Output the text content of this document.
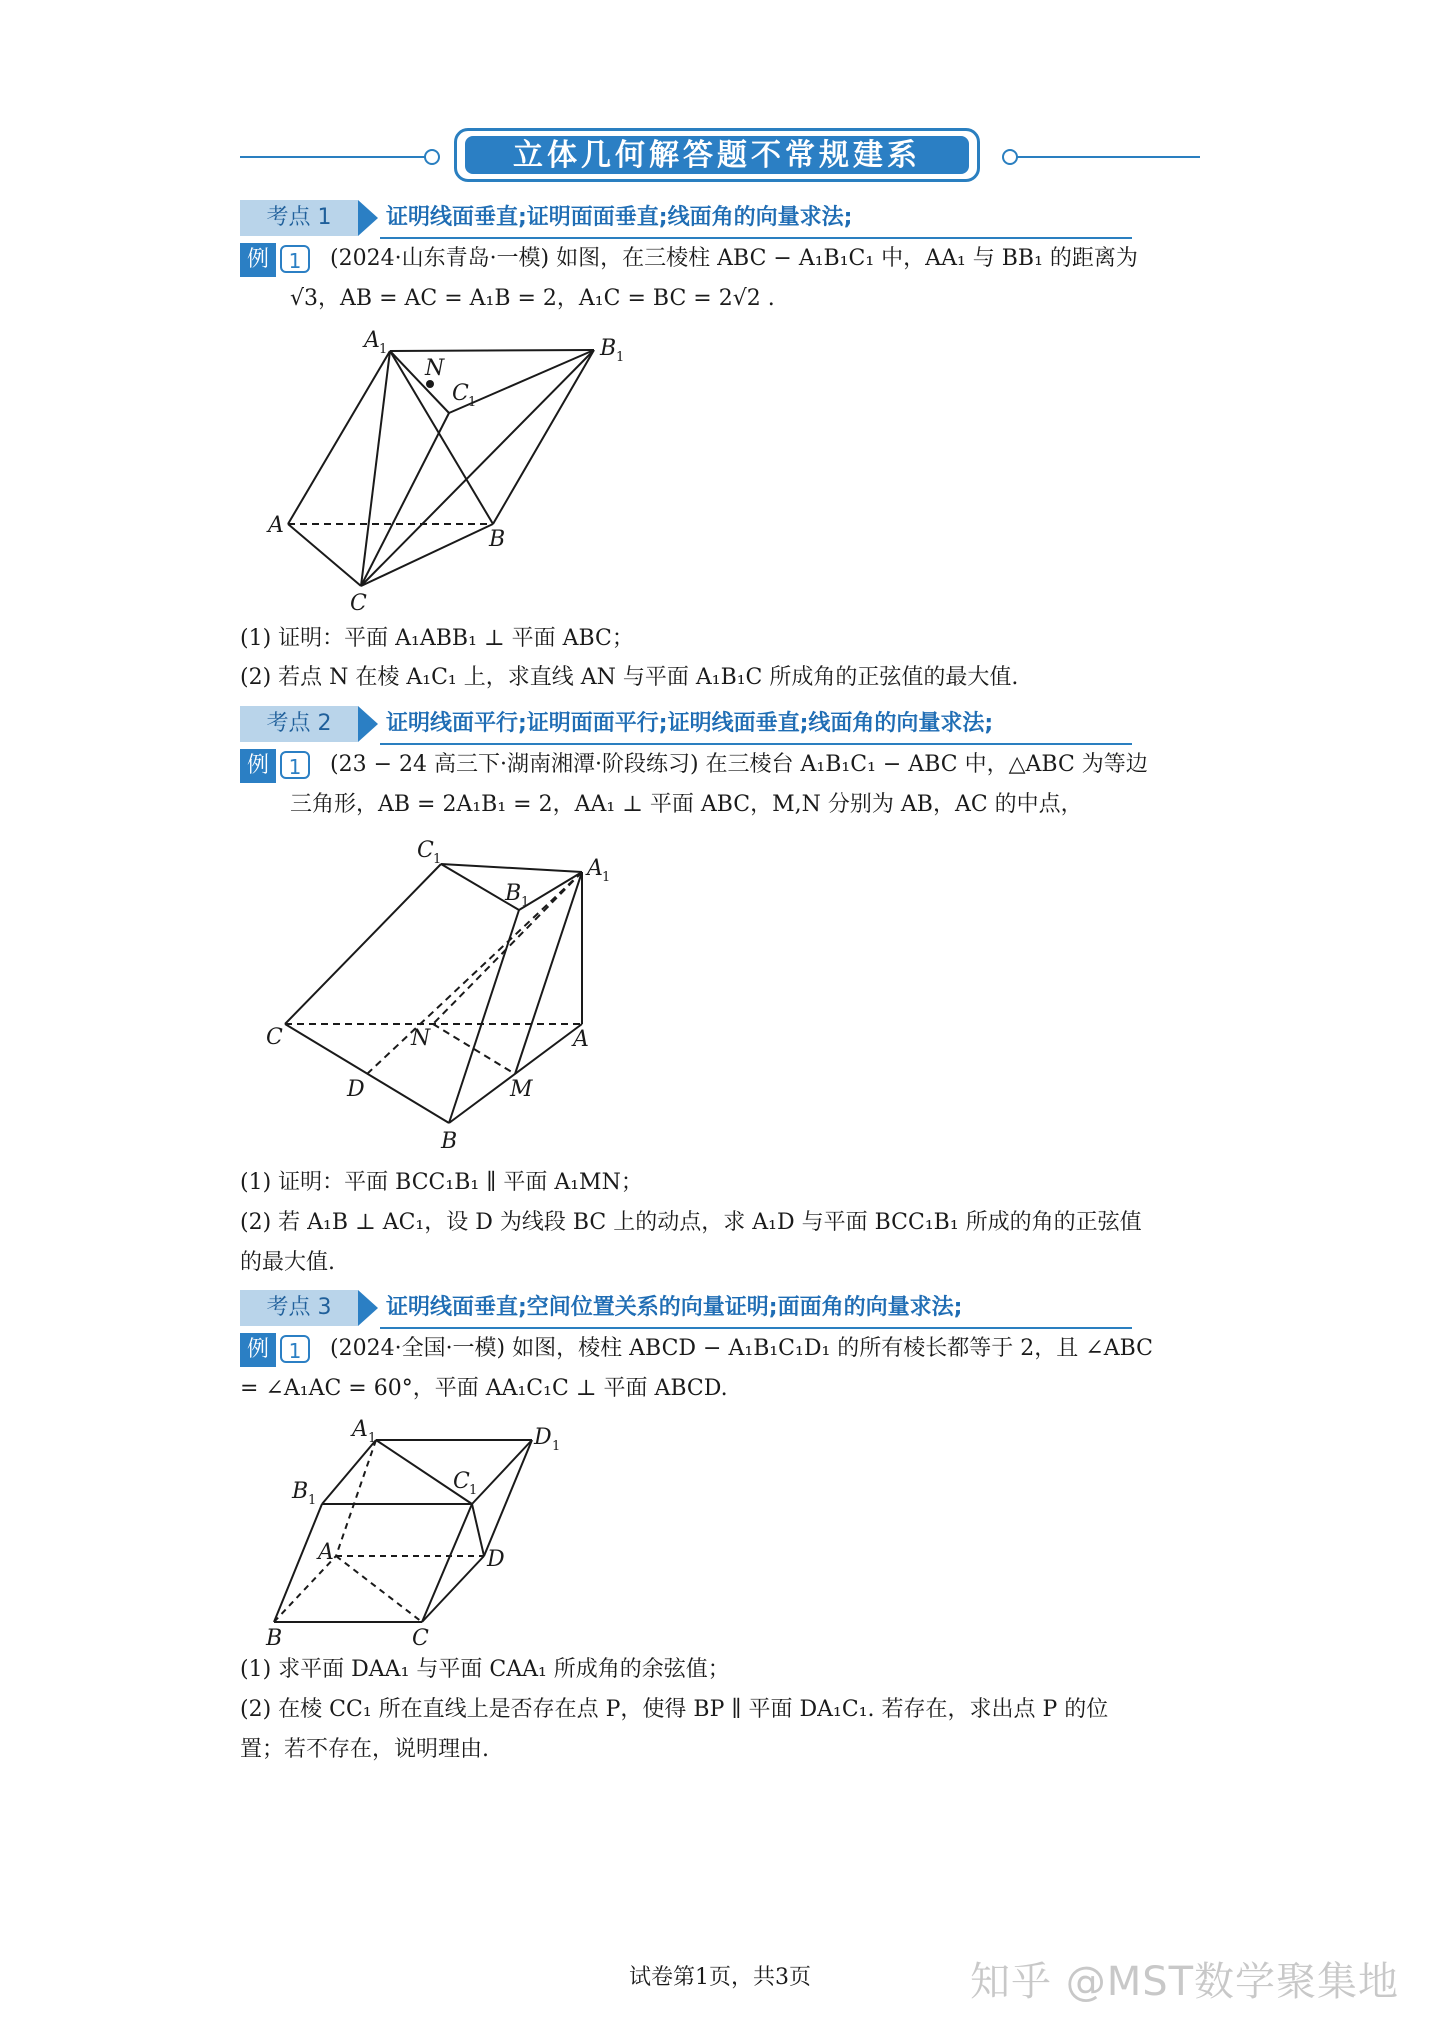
立体几何解答题不常规建系
考点 1	证明线面垂直;证明面面垂直;线面角的向量求法;
例 1	(2024·山东青岛·一模) 如图，在三棱柱 ABC − A₁B₁C₁ 中，AA₁ 与 BB₁ 的距离为
√3，AB = AC = A₁B = 2，A₁C = BC = 2√2 .
A 1
N
C 1
B 1
A
B
C
(1) 证明：平面 A₁ABB₁ ⊥ 平面 ABC；
(2) 若点 N 在棱 A₁C₁ 上，求直线 AN 与平面 A₁B₁C 所成角的正弦值的最大值.
考点 2	证明线面平行;证明面面平行;证明线面垂直;线面角的向量求法;
例 1	(23 − 24 高三下·湖南湘潭·阶段练习) 在三棱台 A₁B₁C₁ − ABC 中，△ABC 为等边
三角形，AB = 2A₁B₁ = 2，AA₁ ⊥ 平面 ABC，M,N 分别为 AB，AC 的中点，
C 1	A 1
B 1
C	N	A
D	M
B
(1) 证明：平面 BCC₁B₁ ∥ 平面 A₁MN；
(2) 若 A₁B ⊥ AC₁，设 D 为线段 BC 上的动点，求 A₁D 与平面 BCC₁B₁ 所成的角的正弦值
的最大值.
考点 3	证明线面垂直;空间位置关系的向量证明;面面角的向量求法;
例 1	(2024·全国·一模) 如图，棱柱 ABCD − A₁B₁C₁D₁ 的所有棱长都等于 2，且 ∠ABC
= ∠A₁AC = 60°，平面 AA₁C₁C ⊥ 平面 ABCD.
A 1	D 1
B 1
C 1
A	D
B	C
(1) 求平面 DAA₁ 与平面 CAA₁ 所成角的余弦值；
(2) 在棱 CC₁ 所在直线上是否存在点 P，使得 BP ∥ 平面 DA₁C₁. 若存在，求出点 P 的位
置；若不存在，说明理由.
试卷第1页，共3页	知乎 @MST数学聚集地
